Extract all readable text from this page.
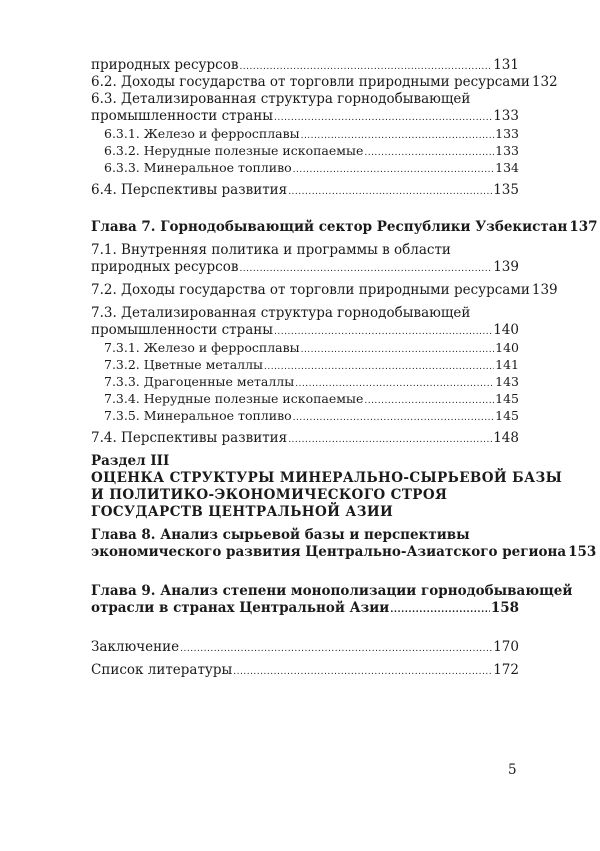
природных ресурсов .....	131
6.2. Доходы государства от торговли природными ресурсами 132
6.3. Детализированная структура горнодобывающей
промышленности страны .....	133
6.3.1. Железо и ферросплавы .....	133
6.3.2. Нерудные полезные ископаемые .....	133
6.3.3. Минеральное топливо .....	134
6.4. Перспективы развития .....	135
Глава 7. Горнодобывающий сектор Республики Узбекистан 137
7.1. Внутренняя политика и программы в области
природных ресурсов .....	139
7.2. Доходы государства от торговли природными ресурсами 139
7.3. Детализированная структура горнодобывающей
промышленности страны .....	140
7.3.1. Железо и ферросплавы .....	140
7.3.2. Цветные металлы .....	141
7.3.3. Драгоценные металлы .....	143
7.3.4. Нерудные полезные ископаемые .....	145
7.3.5. Минеральное топливо .....	145
7.4. Перспективы развития .....	148
Раздел III
ОЦЕНКА СТРУКТУРЫ МИНЕРАЛЬНО-СЫРЬЕВОЙ БАЗЫ
И ПОЛИТИКО-ЭКОНОМИЧЕСКОГО СТРОЯ
ГОСУДАРСТВ ЦЕНТРАЛЬНОЙ АЗИИ
Глава 8. Анализ сырьевой базы и перспективы
экономического развития Центрально-Азиатского региона 153
Глава 9. Анализ степени монополизации горнодобывающей
отрасли в странах Центральной Азии .....	158
Заключение .....	170
Список литературы .....	172
5
